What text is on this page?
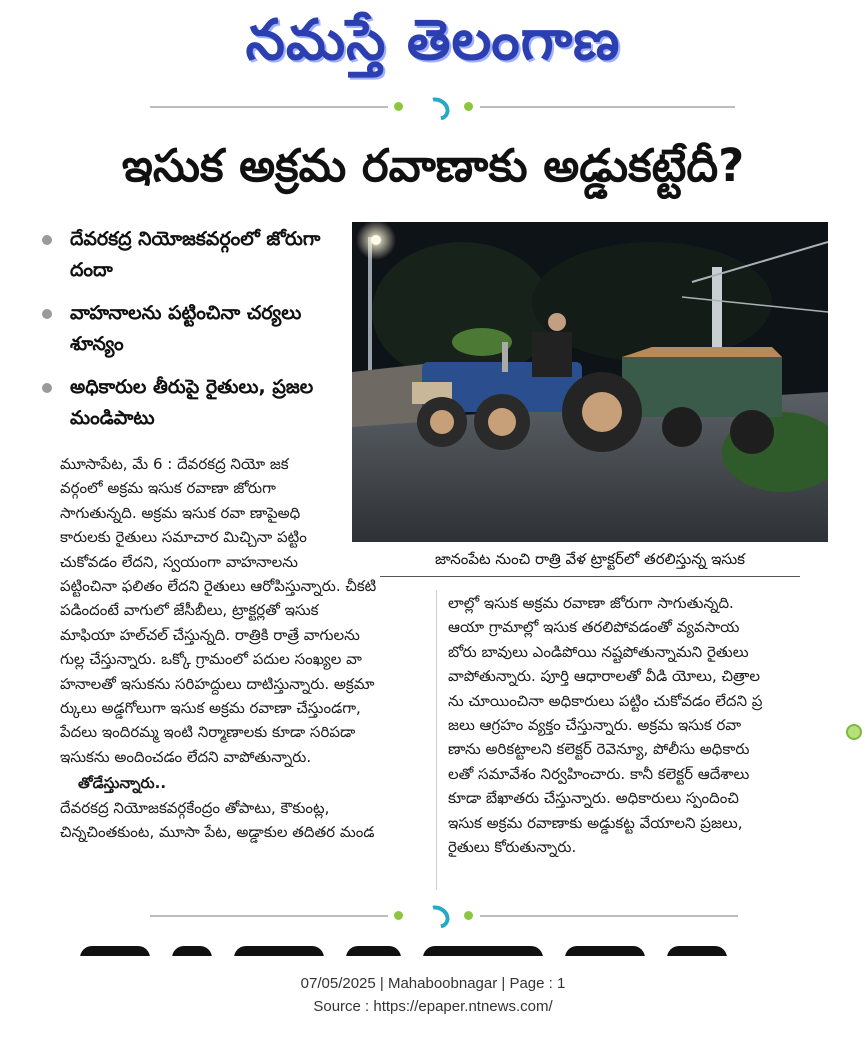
నమస్తే తెలంగాణ
ఇసుక అక్రమ రవాణాకు అడ్డుకట్టేదీ?
దేవరకద్ర నియోజకవర్గంలో జోరుగా దందా
వాహనాలను పట్టించినా చర్యలు శూన్యం
అధికారుల తీరుపై రైతులు, ప్రజల మండిపాటు
జానంపేట నుంచి రాత్రి వేళ ట్రాక్టర్‌లో తరలిస్తున్న ఇసుక
మూసాపేట, మే 6 : దేవరకద్ర నియో జక
వర్గంలో అక్రమ ఇసుక రవాణా జోరుగా
సాగుతున్నది. అక్రమ ఇసుక రవా ణాపైఅధి
కారులకు రైతులు సమాచార మిచ్చినా పట్టిం
చుకోవడం లేదని, స్వయంగా వాహనాలను
పట్టించినా ఫలితం లేదని రైతులు ఆరోపిస్తున్నారు. చీకటి
పడిందంటే వాగులో జేసీబీలు, ట్రాక్టర్లతో ఇసుక
మాఫియా హల్‌చల్ చేస్తున్నది. రాత్రికి రాత్రే వాగులను
గుల్ల చేస్తున్నారు. ఒక్కో గ్రామంలో పదుల సంఖ్యల వా
హనాలతో ఇసుకను సరిహద్దులు దాటిస్తున్నారు. అక్రమా
ర్కులు అడ్డగోలుగా ఇసుక అక్రమ రవాణా చేస్తుండగా,
పేదలు ఇందిరమ్మ ఇంటి నిర్మాణాలకు కూడా సరిపడా
ఇసుకను అందించడం లేదని వాపోతున్నారు.
తోడేస్తున్నారు..
దేవరకద్ర నియోజకవర్గకేంద్రం తోపాటు, కౌకుంట్ల,
చిన్నచింతకుంట, మూసా పేట, అడ్డాకుల తదితర మండ
లాల్లో ఇసుక అక్రమ రవాణా జోరుగా సాగుతున్నది.
ఆయా గ్రామాల్లో ఇసుక తరలిపోవడంతో వ్యవసాయ
బోరు బావులు ఎండిపోయి నష్టపోతున్నామని రైతులు
వాపోతున్నారు. పూర్తి ఆధారాలతో వీడి యోలు, చిత్రాల
ను చూయించినా అధికారులు పట్టిం చుకోవడం లేదని ప్ర
జలు ఆగ్రహం వ్యక్తం చేస్తున్నారు. అక్రమ ఇసుక రవా
ణాను అరికట్టాలని కలెక్టర్ రెవెన్యూ, పోలీసు అధికారు
లతో సమావేశం నిర్వహించారు. కానీ కలెక్టర్ ఆదేశాలు
కూడా బేఖాతరు చేస్తున్నారు. అధికారులు స్పందించి
ఇసుక అక్రమ రవాణాకు అడ్డుకట్ట వేయాలని ప్రజలు,
రైతులు కోరుతున్నారు.
07/05/2025 | Mahaboobnagar | Page : 1
Source : https://epaper.ntnews.com/
